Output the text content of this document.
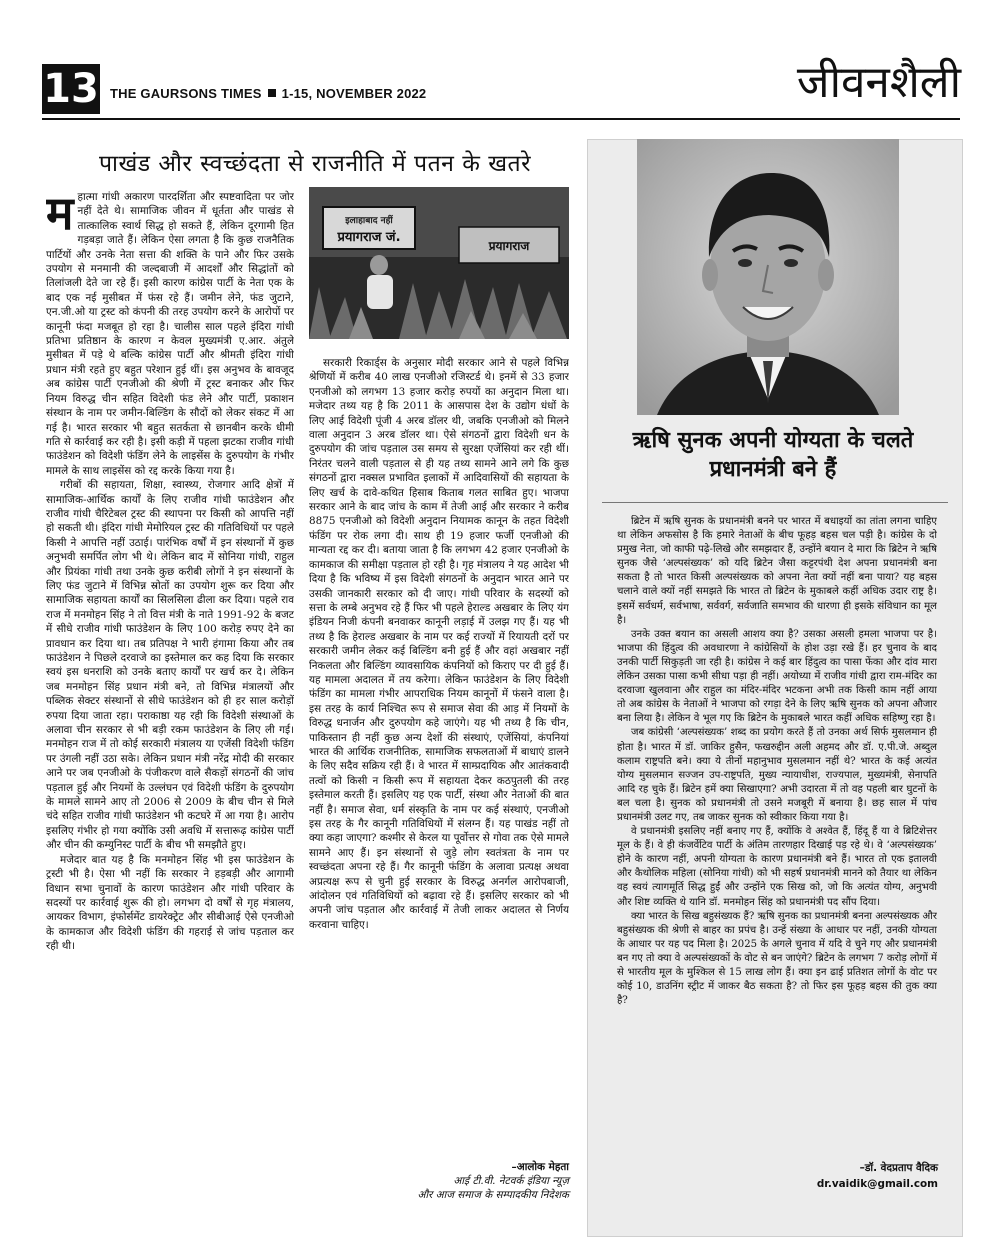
13 THE GAURSONS TIMES 1-15, NOVEMBER 2022	जीवनशैली
पाखंड और स्वच्छंदता से राजनीति में पतन के खतरे

महात्मा गांधी अकारण पारदर्शिता और स्पष्टवादिता पर जोर नहीं देते थे। सामाजिक जीवन में धूर्तता और पाखंड से तात्कालिक स्वार्थ सिद्ध हो सकते हैं, लेकिन दूरगामी हित गड़बड़ा जाते हैं। लेकिन ऐसा लगता है कि कुछ राजनैतिक पार्टियों और उनके नेता सत्ता की शक्ति के पाने और फिर उसके उपयोग से मनमानी की जल्दबाजी में आदर्शों और सिद्धांतों को तिलांजली देते जा रहे हैं। इसी कारण कांग्रेस पार्टी के नेता एक के बाद एक नई मुसीबत में फंस रहे हैं। जमीन लेने, फंड जुटाने, एन.जी.ओ या ट्रस्ट को कंपनी की तरह उपयोग करने के आरोपों पर कानूनी फंदा मजबूत हो रहा है। चालीस साल पहले इंदिरा गांधी प्रतिभा प्रतिष्ठान के कारण न केवल मुख्यमंत्री ए.आर. अंतुले मुसीबत में पड़े थे बल्कि कांग्रेस पार्टी और श्रीमती इंदिरा गांधी प्रधान मंत्री रहते हुए बहुत परेशान हुई थीं। इस अनुभव के बावजूद अब कांग्रेस पार्टी एनजीओ की श्रेणी में ट्रस्ट बनाकर और फिर नियम विरुद्ध चीन सहित विदेशी फंड लेने और पार्टी, प्रकाशन संस्थान के नाम पर जमीन-बिल्डिंग के सौदों को लेकर संकट में आ गई है। भारत सरकार भी बहुत सतर्कता से छानबीन करके धीमी गति से कार्रवाई कर रही है। इसी कड़ी में पहला झटका राजीव गांधी फाउंडेशन को विदेशी फंडिंग लेने के लाइसेंस के दुरुपयोग के गंभीर मामले के साथ लाइसेंस को रद्द करके किया गया है।

गरीबों की सहायता, शिक्षा, स्वास्थ्य, रोजगार आदि क्षेत्रों में सामाजिक-आर्थिक कार्यों के लिए राजीव गांधी फाउंडेशन और राजीव गांधी चैरिटेबल ट्रस्ट की स्थापना पर किसी को आपत्ति नहीं हो सकती थी। इंदिरा गांधी मेमोरियल ट्रस्ट की गतिविधियों पर पहले किसी ने आपत्ति नहीं उठाई। पारंभिक वर्षों में इन संस्थानों में कुछ अनुभवी समर्पित लोग भी थे। लेकिन बाद में सोनिया गांधी, राहुल और प्रियंका गांधी तथा उनके कुछ करीबी लोगों ने इन संस्थानों के लिए फंड जुटाने में विभिन्न स्रोतों का उपयोग शुरू कर दिया और सामाजिक सहायता कार्यों का सिलसिला ढीला कर दिया। पहले राव राज में मनमोहन सिंह ने तो वित्त मंत्री के नाते 1991-92 के बजट में सीधे राजीव गांधी फाउंडेशन के लिए 100 करोड़ रुपए देने का प्रावधान कर दिया था। तब प्रतिपक्ष ने भारी हंगामा किया और तब फाउंडेशन ने पिछले दरवाजे का इस्तेमाल कर कह दिया कि सरकार स्वयं इस धनराशि को उनके बताए कार्यों पर खर्च कर दे। लेकिन जब मनमोहन सिंह प्रधान मंत्री बने, तो विभिन्न मंत्रालयों और पब्लिक सेक्टर संस्थानों से सीधे फाउंडेशन को ही हर साल करोड़ों रुपया दिया जाता रहा। पराकाष्ठा यह रही कि विदेशी संस्थाओं के अलावा चीन सरकार से भी बड़ी रकम फाउंडेशन के लिए ली गई। मनमोहन राज में तो कोई सरकारी मंत्रालय या एजेंसी विदेशी फंडिंग पर उंगली नहीं उठा सके। लेकिन प्रधान मंत्री नरेंद्र मोदी की सरकार आने पर जब एनजीओ के पंजीकरण वाले सैकड़ों संगठनों की जांच पड़ताल हुई और नियमों के उल्लंघन एवं विदेशी फंडिंग के दुरुपयोग के मामले सामने आए तो 2006 से 2009 के बीच चीन से मिले चंदे सहित राजीव गांधी फाउंडेशन भी कटघरे में आ गया है। आरोप इसलिए गंभीर हो गया क्योंकि उसी अवधि में सत्तारूढ़ कांग्रेस पार्टी और चीन की कम्युनिस्ट पार्टी के बीच भी समझौते हुए।

मजेदार बात यह है कि मनमोहन सिंह भी इस फाउंडेशन के ट्रस्टी भी है। ऐसा भी नहीं कि सरकार ने हड़बड़ी और आगामी विधान सभा चुनावों के कारण फाउंडेशन और गांधी परिवार के सदस्यों पर कार्रवाई शुरू की हो। लगभग दो वर्षों से गृह मंत्रालय, आयकर विभाग, इंफोर्समेंट डायरेक्ट्रेट और सीबीआई ऐसे एनजीओ के कामकाज और विदेशी फंडिंग की गहराई से जांच पड़ताल कर रही थी।

इलाहाबाद नहीं
प्रयागराज जं.
प्रयागराज

सरकारी रिकार्ड्स के अनुसार मोदी सरकार आने से पहले विभिन्न श्रेणियों में करीब 40 लाख एनजीओ रजिस्टर्ड थे। इनमें से 33 हजार एनजीओ को लगभग 13 हजार करोड़ रुपयों का अनुदान मिला था। मजेदार तथ्य यह है कि 2011 के आसपास देश के उद्योग धंधों के लिए आई विदेशी पूंजी 4 अरब डॉलर थी, जबकि एनजीओ को मिलने वाला अनुदान 3 अरब डॉलर था। ऐसे संगठनों द्वारा विदेशी धन के दुरुपयोग की जांच पड़ताल उस समय से सुरक्षा एजेंसियां कर रही थीं। निरंतर चलने वाली पड़ताल से ही यह तथ्य सामने आने लगे कि कुछ संगठनों द्वारा नक्सल प्रभावित इलाकों में आदिवासियों की सहायता के लिए खर्च के दावे-कथित हिसाब किताब गलत साबित हुए। भाजपा सरकार आने के बाद जांच के काम में तेजी आई और सरकार ने करीब 8875 एनजीओ को विदेशी अनुदान नियामक कानून के तहत विदेशी फंडिंग पर रोक लगा दी। साथ ही 19 हजार फर्जी एनजीओ की मान्यता रद्द कर दी। बताया जाता है कि लगभग 42 हजार एनजीओ के कामकाज की समीक्षा पड़ताल हो रही है। गृह मंत्रालय ने यह आदेश भी दिया है कि भविष्य में इस विदेशी संगठनों के अनुदान भारत आने पर उसकी जानकारी सरकार को दी जाए। गांधी परिवार के सदस्यों को सत्ता के लम्बे अनुभव रहे हैं फिर भी पहले हेराल्ड अखबार के लिए यंग इंडियन निजी कंपनी बनवाकर कानूनी लड़ाई में उलझ गए हैं। यह भी तथ्य है कि हेराल्ड अखबार के नाम पर कई राज्यों में रियायती दरों पर सरकारी जमीन लेकर कई बिल्डिंग बनी हुई हैं और वहां अखबार नहीं निकलता और बिल्डिंग व्यावसायिक कंपनियों को किराए पर दी हुई हैं। यह मामला अदालत में तय करेगा। लेकिन फाउंडेशन के लिए विदेशी फंडिंग का मामला गंभीर आपराधिक नियम कानूनों में फंसने वाला है। इस तरह के कार्य निश्चित रूप से समाज सेवा की आड़ में नियमों के विरुद्ध धनार्जन और दुरुपयोग कहे जाएंगे। यह भी तथ्य है कि चीन, पाकिस्तान ही नहीं कुछ अन्य देशों की संस्थाएं, एजेंसियां, कंपनियां भारत की आर्थिक राजनीतिक, सामाजिक सफलताओं में बाधाएं डालने के लिए सदैव सक्रिय रही हैं। वे भारत में साम्प्रदायिक और आतंकवादी तत्वों को किसी न किसी रूप में सहायता देकर कठपुतली की तरह इस्तेमाल करती हैं। इसलिए यह एक पार्टी, संस्था और नेताओं की बात नहीं है। समाज सेवा, धर्म संस्कृति के नाम पर कई संस्थाएं, एनजीओ इस तरह के गैर कानूनी गतिविधियों में संलग्न हैं। यह पाखंड नहीं तो क्या कहा जाएगा? कश्मीर से केरल या पूर्वोत्तर से गोवा तक ऐसे मामले सामने आए हैं। इन संस्थानों से जुड़े लोग स्वतंत्रता के नाम पर स्वच्छंदता अपना रहे हैं। गैर कानूनी फंडिंग के अलावा प्रत्यक्ष अथवा अप्रत्यक्ष रूप से चुनी हुई सरकार के विरुद्ध अनर्गल आरोपबाजी, आंदोलन एवं गतिविधियों को बढ़ावा रहे हैं। इसलिए सरकार को भी अपनी जांच पड़ताल और कार्रवाई में तेजी लाकर अदालत से निर्णय करवाना चाहिए।

–आलोक मेहता
आई टी.वी. नेटवर्क इंडिया न्यूज़
और आज समाज के सम्पादकीय निदेशक
ऋषि सुनक अपनी योग्यता के चलते प्रधानमंत्री बने हैं

ब्रिटेन में ऋषि सुनक के प्रधानमंत्री बनने पर भारत में बधाइयों का तांता लगना चाहिए था लेकिन अफसोस है कि हमारे नेताओं के बीच फूहड़ बहस चल पड़ी है। कांग्रेस के दो प्रमुख नेता, जो काफी पढ़े-लिखे और समझदार हैं, उन्होंने बयान दे मारा कि ब्रिटेन ने ऋषि सुनक जैसे ‘अल्पसंख्यक’ को यदि ब्रिटेन जैसा कट्टरपंथी देश अपना प्रधानमंत्री बना सकता है तो भारत किसी अल्पसंख्यक को अपना नेता क्यों नहीं बना पाया? यह बहस चलाने वाले क्यों नहीं समझते कि भारत तो ब्रिटेन के मुकाबले कहीं अधिक उदार राष्ट्र है। इसमें सर्वधर्म, सर्वभाषा, सर्ववर्ग, सर्वजाति समभाव की धारणा ही इसके संविधान का मूल है।

उनके उक्त बयान का असली आशय क्या है? उसका असली हमला भाजपा पर है। भाजपा की हिंदुत्व की अवधारणा ने कांग्रेसियों के होश उड़ा रखे हैं। हर चुनाव के बाद उनकी पार्टी सिकुड़ती जा रही है। कांग्रेस ने कई बार हिंदुत्व का पासा फेंका और दांव मारा लेकिन उसका पासा कभी सीधा पड़ा ही नहीं। अयोध्या में राजीव गांधी द्वारा राम-मंदिर का दरवाजा खुलवाना और राहुल का मंदिर-मंदिर भटकना अभी तक किसी काम नहीं आया तो अब कांग्रेस के नेताओं ने भाजपा को रगड़ा देने के लिए ऋषि सुनक को अपना औजार बना लिया है। लेकिन वे भूल गए कि ब्रिटेन के मुकाबले भारत कहीं अधिक सहिष्णु रहा है।

जब कांग्रेसी ‘अल्पसंख्यक’ शब्द का प्रयोग करते हैं तो उनका अर्थ सिर्फ मुसलमान ही होता है। भारत में डॉ. जाकिर हुसैन, फखरुद्दीन अली अहमद और डॉ. ए.पी.जे. अब्दुल कलाम राष्ट्रपति बने। क्या ये तीनों महानुभाव मुसलमान नहीं थे? भारत के कई अत्यंत योग्य मुसलमान सज्जन उप-राष्ट्रपति, मुख्य न्यायाधीश, राज्यपाल, मुख्यमंत्री, सेनापति आदि रह चुके हैं। ब्रिटेन हमें क्या सिखाएगा? अभी उदारता में तो वह पहली बार घुटनों के बल चला है। सुनक को प्रधानमंत्री तो उसने मजबूरी में बनाया है। छह साल में पांच प्रधानमंत्री उलट गए, तब जाकर सुनक को स्वीकार किया गया है।

वे प्रधानमंत्री इसलिए नहीं बनाए गए हैं, क्योंकि वे अश्वेत हैं, हिंदू हैं या वे ब्रिटिशेत्तर मूल के हैं। वे ही कंजर्वेटिव पार्टी के अंतिम तारणहार दिखाई पड़ रहे थे। वे ‘अल्पसंख्यक’ होने के कारण नहीं, अपनी योग्यता के कारण प्रधानमंत्री बने हैं। भारत तो एक इतालवी और कैथोलिक महिला (सोनिया गांधी) को भी सहर्ष प्रधानमंत्री मानने को तैयार था लेकिन वह स्वयं त्यागमूर्ति सिद्ध हुईं और उन्होंने एक सिख को, जो कि अत्यंत योग्य, अनुभवी और शिष्ट व्यक्ति थे यानि डॉ. मनमोहन सिंह को प्रधानमंत्री पद सौंप दिया।

क्या भारत के सिख बहुसंख्यक हैं? ऋषि सुनक का प्रधानमंत्री बनना अल्पसंख्यक और बहुसंख्यक की श्रेणी से बाहर का प्रपंच है। उन्हें संख्या के आधार पर नहीं, उनकी योग्यता के आधार पर यह पद मिला है। 2025 के अगले चुनाव में यदि वे चुने गए और प्रधानमंत्री बन गए तो क्या वे अल्पसंख्यकों के वोट से बन जाएंगे? ब्रिटेन के लगभग 7 करोड़ लोगों में से भारतीय मूल के मुश्किल से 15 लाख लोग हैं। क्या इन ढाई प्रतिशत लोगों के वोट पर कोई 10, डाउनिंग स्ट्रीट में जाकर बैठ सकता है? तो फिर इस फूहड़ बहस की तुक क्या है?

–डॉ. वेदप्रताप वैदिक
dr.vaidik@gmail.com
